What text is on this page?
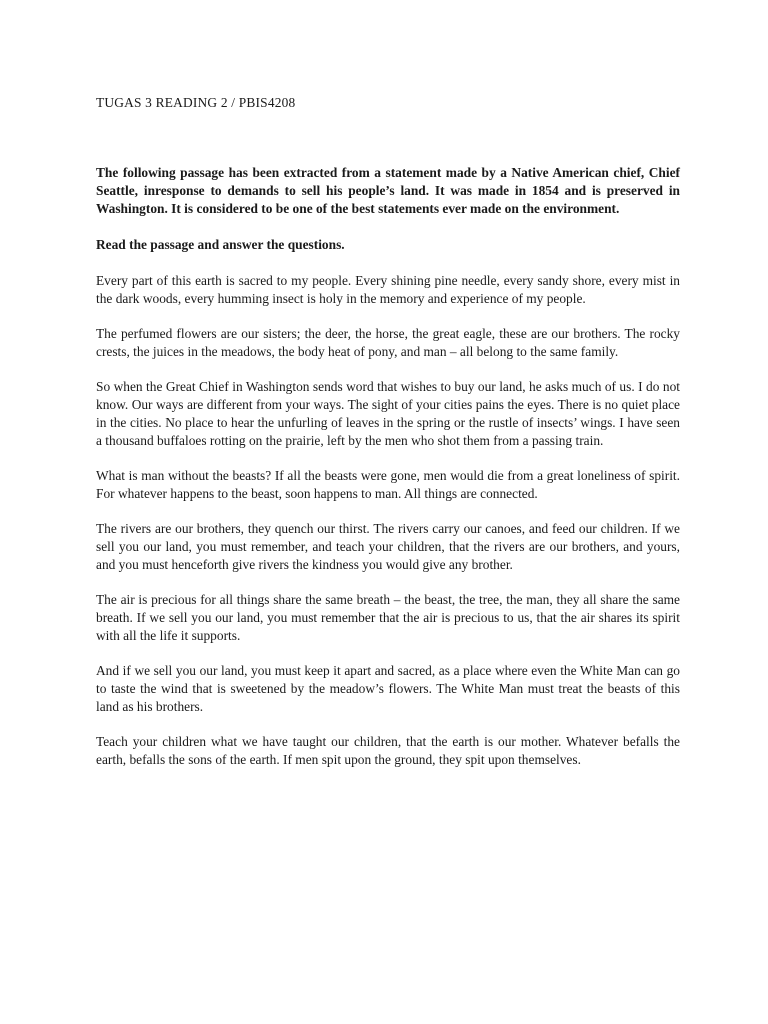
TUGAS 3 READING 2 / PBIS4208

The following passage has been extracted from a statement made by a Native American chief, Chief Seattle, inresponse to demands to sell his people’s land. It was made in 1854 and is preserved in Washington. It is considered to be one of the best statements ever made on the environment.

Read the passage and answer the questions.

Every part of this earth is sacred to my people. Every shining pine needle, every sandy shore, every mist in the dark woods, every humming insect is holy in the memory and experience of my people.

The perfumed flowers are our sisters; the deer, the horse, the great eagle, these are our brothers. The rocky crests, the juices in the meadows, the body heat of pony, and man – all belong to the same family.

So when the Great Chief in Washington sends word that wishes to buy our land, he asks much of us. I do not know. Our ways are different from your ways. The sight of your cities pains the eyes. There is no quiet place in the cities. No place to hear the unfurling of leaves in the spring or the rustle of insects’ wings. I have seen a thousand buffaloes rotting on the prairie, left by the men who shot them from a passing train.

What is man without the beasts? If all the beasts were gone, men would die from a great loneliness of spirit. For whatever happens to the beast, soon happens to man. All things are connected.

The rivers are our brothers, they quench our thirst. The rivers carry our canoes, and feed our children. If we sell you our land, you must remember, and teach your children, that the rivers are our brothers, and yours, and you must henceforth give rivers the kindness you would give any brother.

The air is precious for all things share the same breath – the beast, the tree, the man, they all share the same breath. If we sell you our land, you must remember that the air is precious to us, that the air shares its spirit with all the life it supports.

And if we sell you our land, you must keep it apart and sacred, as a place where even the White Man can go to taste the wind that is sweetened by the meadow’s flowers. The White Man must treat the beasts of this land as his brothers.

Teach your children what we have taught our children, that the earth is our mother. Whatever befalls the earth, befalls the sons of the earth. If men spit upon the ground, they spit upon themselves.
